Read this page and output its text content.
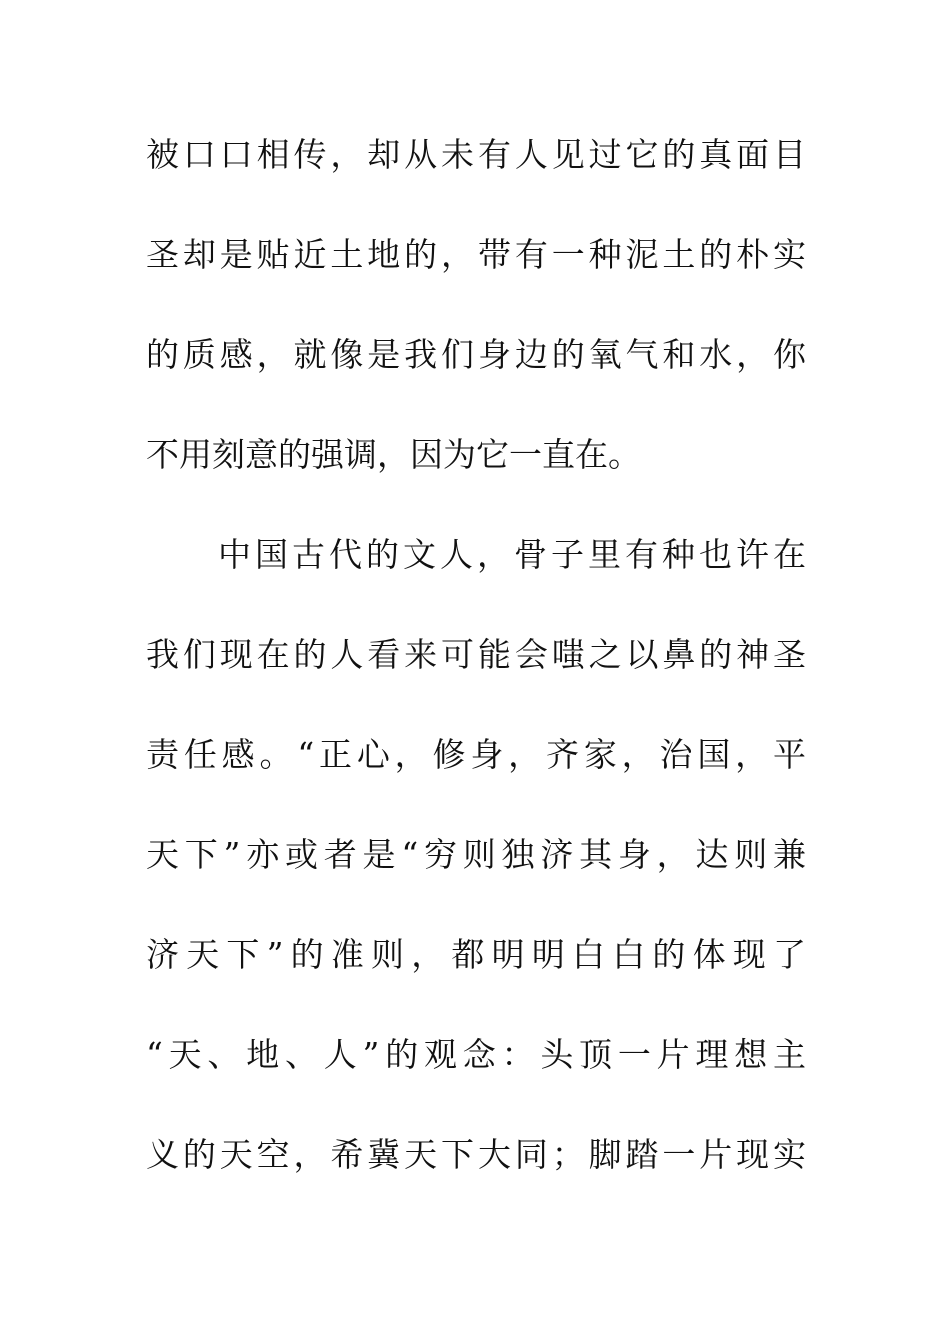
被口口相传，却从未有人见过它的真面目
圣却是贴近土地的，带有一种泥土的朴实
的质感，就像是我们身边的氧气和水，你
不用刻意的强调，因为它一直在。
中国古代的文人，骨子里有种也许在
我们现在的人看来可能会嗤之以鼻的神圣
责任感。“正心，修身，齐家，治国，平
天下”亦或者是“穷则独济其身，达则兼
济天下”的准则，都明明白白的体现了
“天、地、人”的观念：头顶一片理想主
义的天空，希冀天下大同；脚踏一片现实
